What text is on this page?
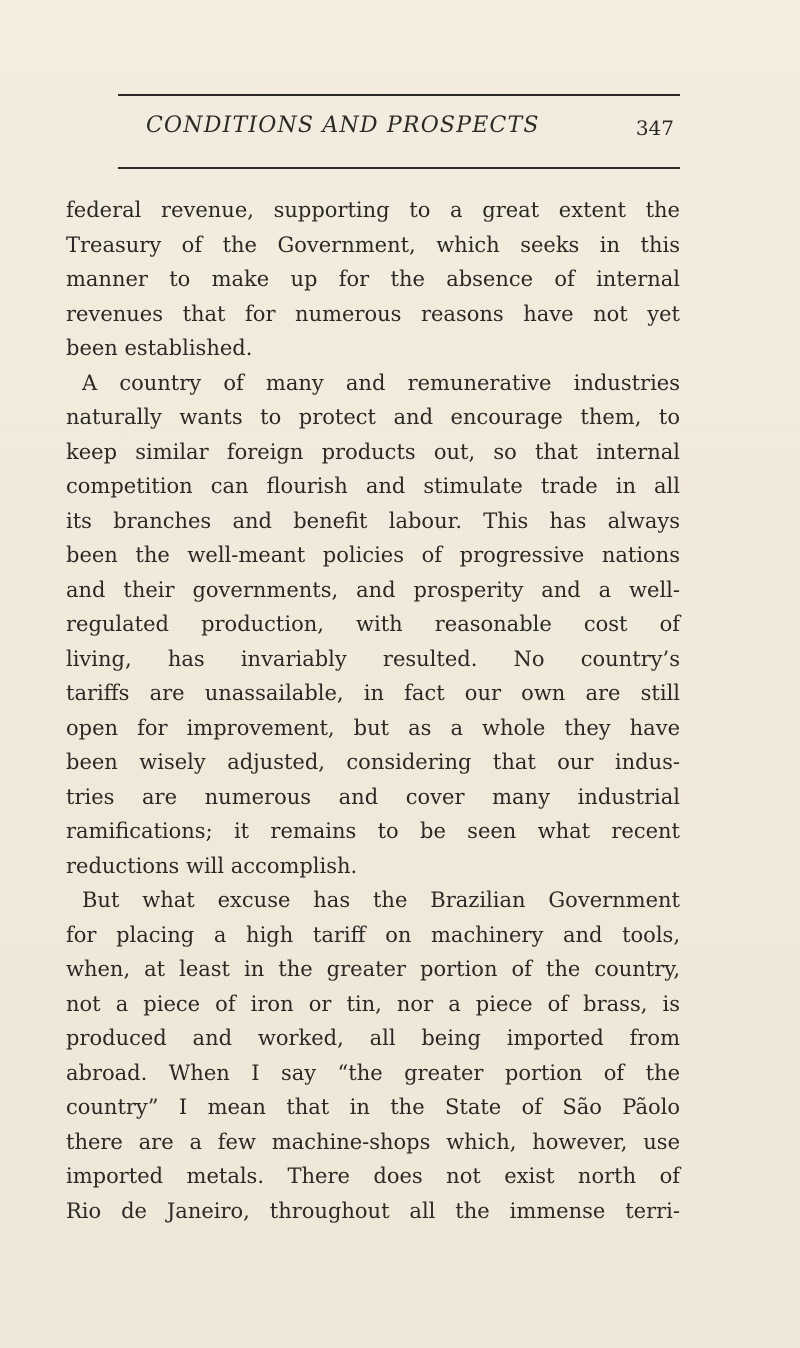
CONDITIONS AND PROSPECTS	347
federal revenue, supporting to a great extent the
Treasury of the Government, which seeks in this
manner to make up for the absence of internal
revenues that for numerous reasons have not yet
been established.
A country of many and remunerative industries
naturally wants to protect and encourage them, to
keep similar foreign products out, so that internal
competition can flourish and stimulate trade in all
its branches and benefit labour. This has always
been the well-meant policies of progressive nations
and their governments, and prosperity and a well-
regulated production, with reasonable cost of
living, has invariably resulted. No country’s
tariffs are unassailable, in fact our own are still
open for improvement, but as a whole they have
been wisely adjusted, considering that our indus-
tries are numerous and cover many industrial
ramifications; it remains to be seen what recent
reductions will accomplish.
But what excuse has the Brazilian Government
for placing a high tariff on machinery and tools,
when, at least in the greater portion of the country,
not a piece of iron or tin, nor a piece of brass, is
produced and worked, all being imported from
abroad. When I say “the greater portion of the
country” I mean that in the State of São Pãolo
there are a few machine-shops which, however, use
imported metals. There does not exist north of
Rio de Janeiro, throughout all the immense terri-
